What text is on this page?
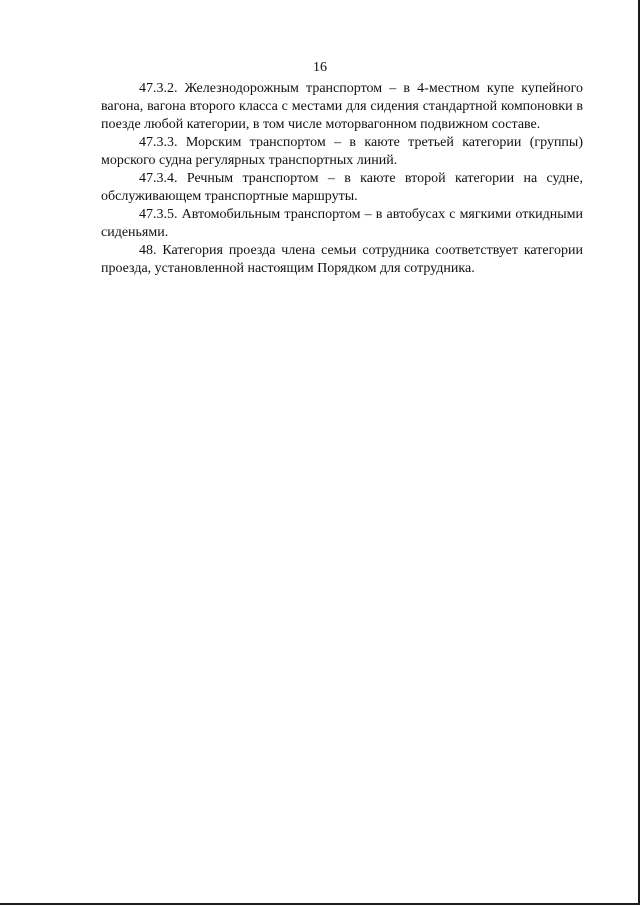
16

47.3.2. Железнодорожным транспортом – в 4-местном купе купейного вагона, вагона второго класса с местами для сидения стандартной компоновки в поезде любой категории, в том числе моторвагонном подвижном составе.

47.3.3. Морским транспортом – в каюте третьей категории (группы) морского судна регулярных транспортных линий.

47.3.4. Речным транспортом – в каюте второй категории на судне, обслуживающем транспортные маршруты.

47.3.5. Автомобильным транспортом – в автобусах с мягкими откидными сиденьями.

48. Категория проезда члена семьи сотрудника соответствует категории проезда, установленной настоящим Порядком для сотрудника.
